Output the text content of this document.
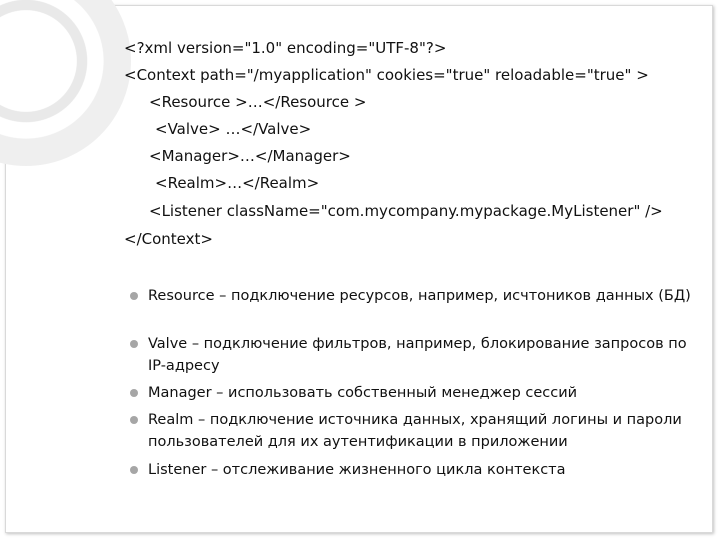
<?xml version="1.0" encoding="UTF-8"?>
<Context path="/myapplication" cookies="true" reloadable="true" >
<Resource >…</Resource >
<Valve> …</Valve>
<Manager>…</Manager>
<Realm>…</Realm>
<Listener className="com.mycompany.mypackage.MyListener" />
</Context>
Resource – подключение ресурсов, например, исчтоников данных (БД)
Valve – подключение фильтров, например, блокирование запросов по IP-адресу
Manager – использовать собственный менеджер сессий
Realm – подключение источника данных, хранящий логины и пароли пользователей для их аутентификации в приложении
Listener – отслеживание жизненного цикла контекста
